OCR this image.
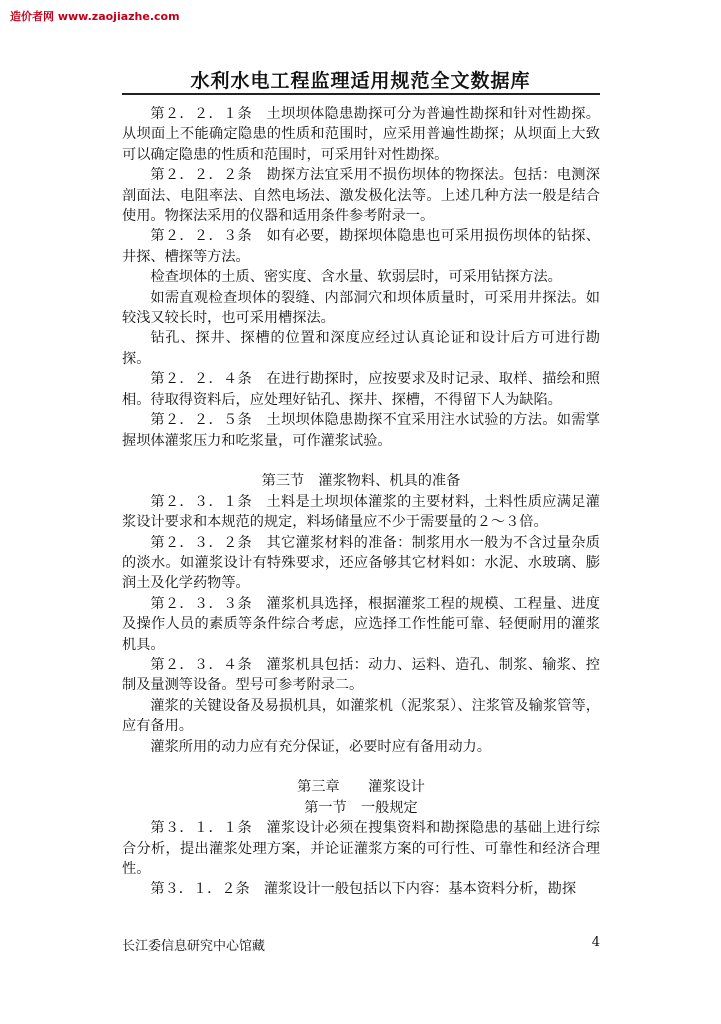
造价者网 www.zaojiazhe.com
水利水电工程监理适用规范全文数据库

第２．２．１条　土坝坝体隐患勘探可分为普遍性勘探和针对性勘探。从坝面上不能确定隐患的性质和范围时，应采用普遍性勘探；从坝面上大致可以确定隐患的性质和范围时，可采用针对性勘探。

第２．２．２条　勘探方法宜采用不损伤坝体的物探法。包括：电测深剖面法、电阻率法、自然电场法、激发极化法等。上述几种方法一般是结合使用。物探法采用的仪器和适用条件参考附录一。

第２．２．３条　如有必要，勘探坝体隐患也可采用损伤坝体的钻探、井探、槽探等方法。

检查坝体的土质、密实度、含水量、软弱层时，可采用钻探方法。

如需直观检查坝体的裂缝、内部洞穴和坝体质量时，可采用井探法。如较浅又较长时，也可采用槽探法。

钻孔、探井、探槽的位置和深度应经过认真论证和设计后方可进行勘探。

第２．２．４条　在进行勘探时，应按要求及时记录、取样、描绘和照相。待取得资料后，应处理好钻孔、探井、探槽，不得留下人为缺陷。

第２．２．５条　土坝坝体隐患勘探不宜采用注水试验的方法。如需掌握坝体灌浆压力和吃浆量，可作灌浆试验。

第三节　灌浆物料、机具的准备

第２．３．１条　土料是土坝坝体灌浆的主要材料，土料性质应满足灌浆设计要求和本规范的规定，料场储量应不少于需要量的２～３倍。

第２．３．２条　其它灌浆材料的准备：制浆用水一般为不含过量杂质的淡水。如灌浆设计有特殊要求，还应备够其它材料如：水泥、水玻璃、膨润土及化学药物等。

第２．３．３条　灌浆机具选择，根据灌浆工程的规模、工程量、进度及操作人员的素质等条件综合考虑，应选择工作性能可靠、轻便耐用的灌浆机具。

第２．３．４条　灌浆机具包括：动力、运料、造孔、制浆、输浆、控制及量测等设备。型号可参考附录二。

灌浆的关键设备及易损机具，如灌浆机（泥浆泵）、注浆管及输浆管等，应有备用。

灌浆所用的动力应有充分保证，必要时应有备用动力。

第三章　　灌浆设计

第一节　一般规定

第３．１．１条　灌浆设计必须在搜集资料和勘探隐患的基础上进行综合分析，提出灌浆处理方案，并论证灌浆方案的可行性、可靠性和经济合理性。

第３．１．２条　灌浆设计一般包括以下内容：基本资料分析，勘探

长江委信息研究中心馆藏	4
